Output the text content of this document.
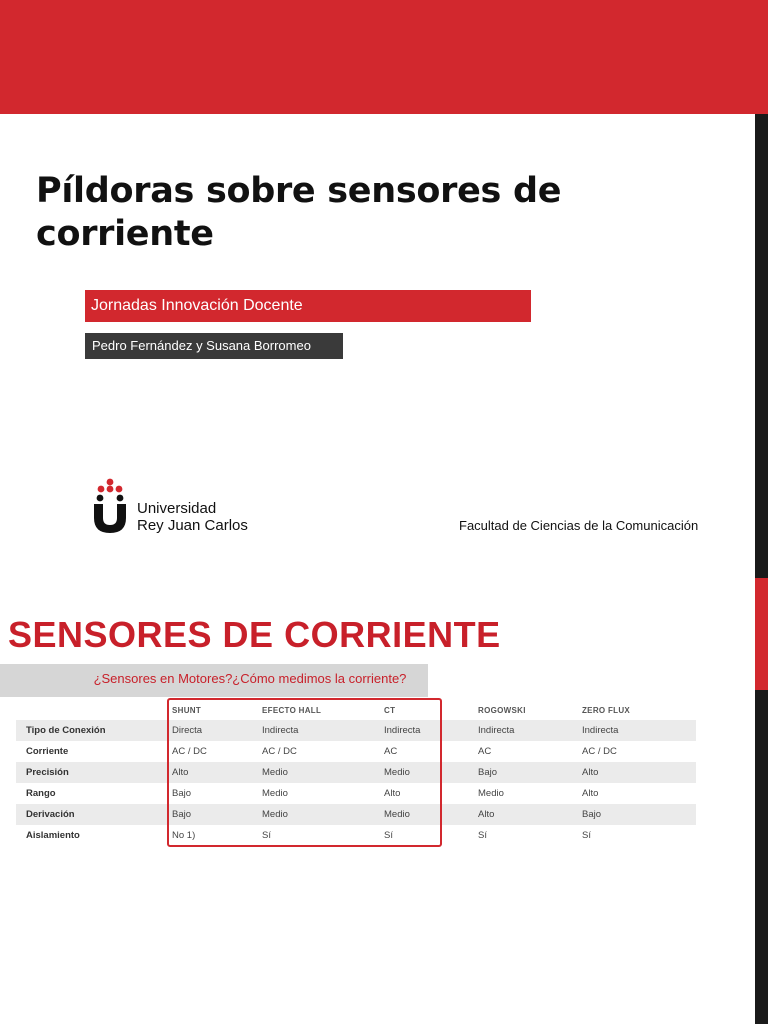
Píldoras sobre sensores de
corriente
Jornadas Innovación Docente
Pedro Fernández y Susana Borromeo
Universidad
Rey Juan Carlos	Facultad de Ciencias de la Comunicación
SENSORES DE CORRIENTE
¿Sensores en Motores?¿Cómo medimos la corriente?
	SHUNT	EFECTO HALL	CT	ROGOWSKI	ZERO FLUX
Tipo de Conexión	Directa	Indirecta	Indirecta	Indirecta	Indirecta
Corriente	AC / DC	AC / DC	AC	AC	AC / DC
Precisión	Alto	Medio	Medio	Bajo	Alto
Rango	Bajo	Medio	Alto	Medio	Alto
Derivación	Bajo	Medio	Medio	Alto	Bajo
Aislamiento	No 1)	Sí	Sí	Sí	Sí
